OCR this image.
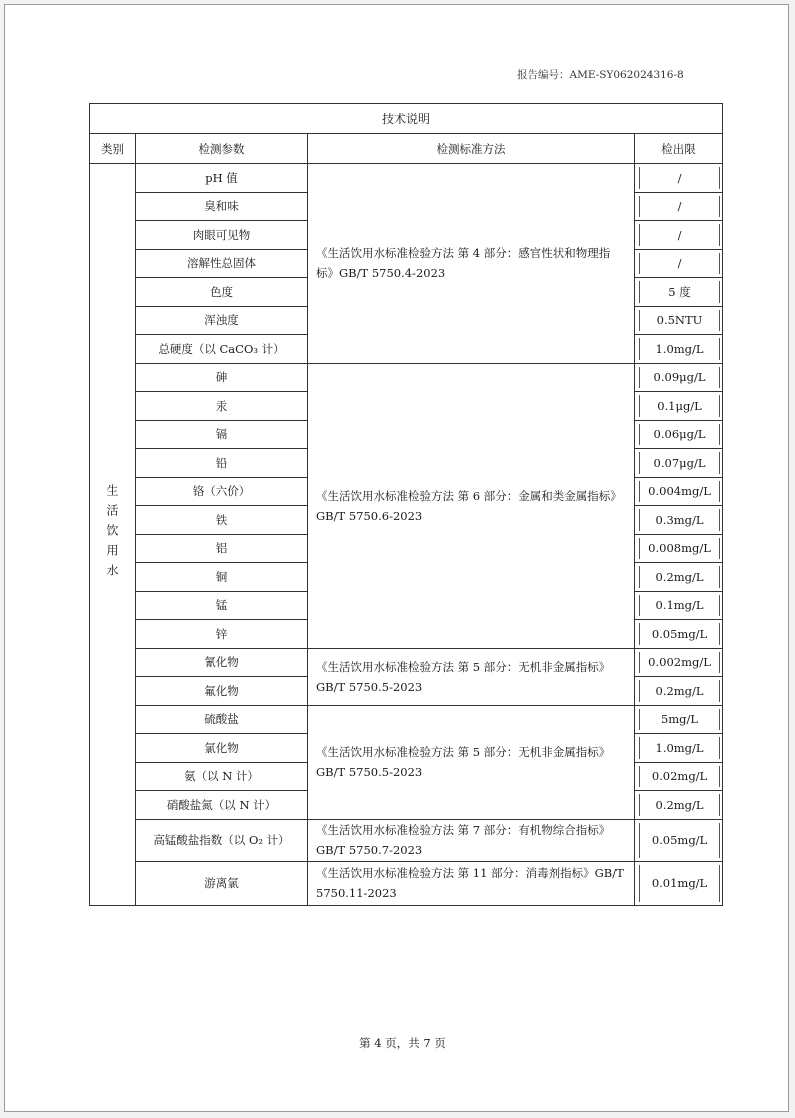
报告编号：AME-SY062024316-8
技术说明			
类别	检测参数	检测标准方法	检出限
生活饮用水	pH 值	《生活饮用水标准检验方法 第 4 部分：感官性状和物理指标》GB/T 5750.4-2023	/

	臭和味		/

	肉眼可见物		/

	溶解性总固体		/

	色度		5 度

	浑浊度		0.5NTU

	总硬度（以 CaCO₃ 计）		1.0mg/L

	砷	《生活饮用水标准检验方法 第 6 部分：金属和类金属指标》GB/T 5750.6-2023	0.09μg/L

	汞		0.1μg/L

	镉		0.06μg/L

	铅		0.07μg/L

	铬（六价）		0.004mg/L

	铁		0.3mg/L

	铝		0.008mg/L

	铜		0.2mg/L

	锰		0.1mg/L

	锌		0.05mg/L

	氰化物	《生活饮用水标准检验方法 第 5 部分：无机非金属指标》GB/T 5750.5-2023	0.002mg/L

	氟化物		0.2mg/L

	硫酸盐	《生活饮用水标准检验方法 第 5 部分：无机非金属指标》GB/T 5750.5-2023	5mg/L

	氯化物		1.0mg/L

	氨（以 N 计）		0.02mg/L

	硝酸盐氮（以 N 计）		0.2mg/L

	高锰酸盐指数（以 O₂ 计）	《生活饮用水标准检验方法 第 7 部分：有机物综合指标》GB/T 5750.7-2023	0.05mg/L

	游离氯	《生活饮用水标准检验方法 第 11 部分：消毒剂指标》GB/T 5750.11-2023	0.01mg/L
第 4 页，共 7 页
